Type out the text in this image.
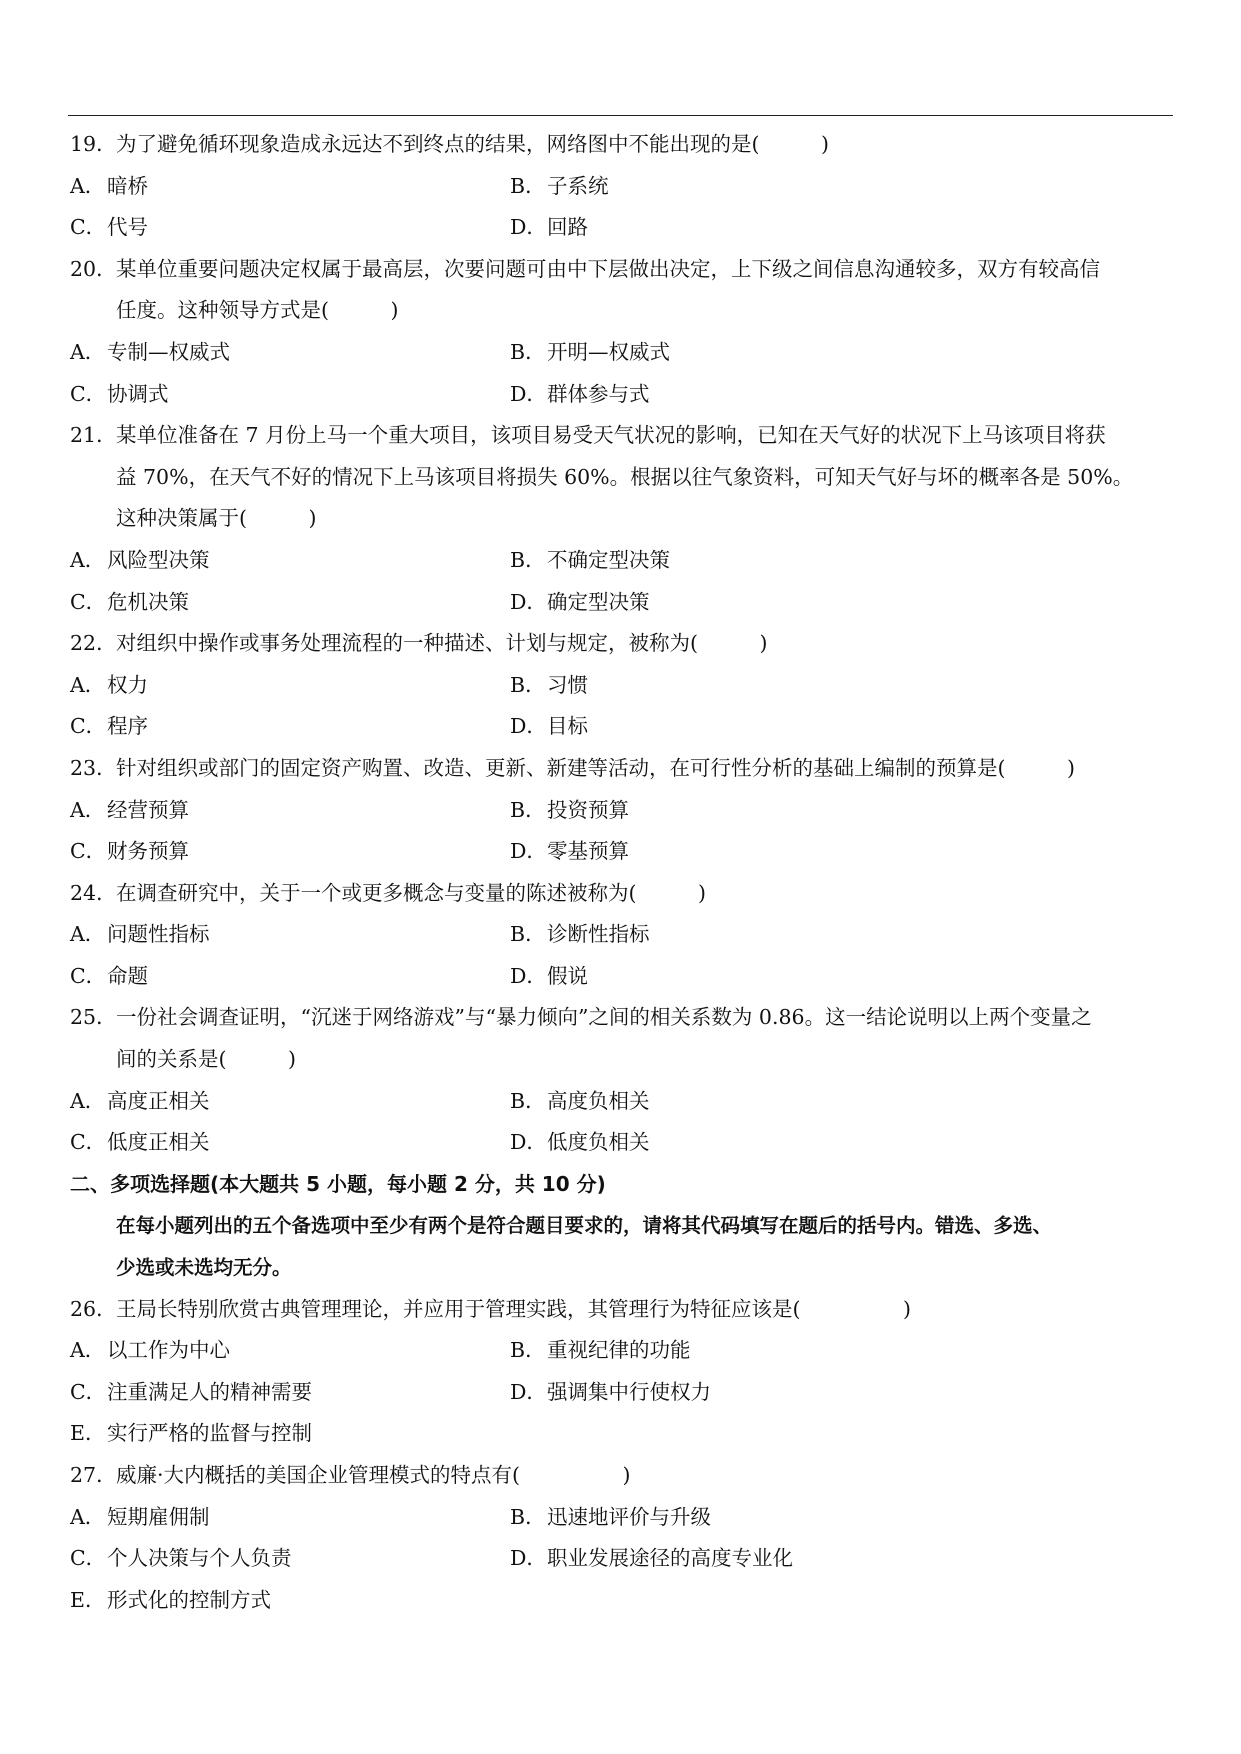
19． 为了避免循环现象造成永远达不到终点的结果，网络图中不能出现的是(　　　)
A． 暗桥	B． 子系统
C． 代号	D． 回路
20． 某单位重要问题决定权属于最高层，次要问题可由中下层做出决定，上下级之间信息沟通较多，双方有较高信
任度。这种领导方式是(　　　)
A． 专制—权威式	B． 开明—权威式
C． 协调式	D． 群体参与式
21． 某单位准备在 7 月份上马一个重大项目，该项目易受天气状况的影响，已知在天气好的状况下上马该项目将获
益 70%，在天气不好的情况下上马该项目将损失 60%。根据以往气象资料，可知天气好与坏的概率各是 50%。
这种决策属于(　　　)
A． 风险型决策	B． 不确定型决策
C． 危机决策	D． 确定型决策
22． 对组织中操作或事务处理流程的一种描述、计划与规定，被称为(　　　)
A． 权力	B． 习惯
C． 程序	D． 目标
23． 针对组织或部门的固定资产购置、改造、更新、新建等活动，在可行性分析的基础上编制的预算是(　　　)
A． 经营预算	B． 投资预算
C． 财务预算	D． 零基预算
24． 在调查研究中，关于一个或更多概念与变量的陈述被称为(　　　)
A． 问题性指标	B． 诊断性指标
C． 命题	D． 假说
25． 一份社会调查证明，“沉迷于网络游戏”与“暴力倾向”之间的相关系数为 0.86。这一结论说明以上两个变量之
间的关系是(　　　)
A． 高度正相关	B． 高度负相关
C． 低度正相关	D． 低度负相关
二、多项选择题(本大题共 5 小题，每小题 2 分，共 10 分)
在每小题列出的五个备选项中至少有两个是符合题目要求的，请将其代码填写在题后的括号内。错选、多选、
少选或未选均无分。
26． 王局长特别欣赏古典管理理论，并应用于管理实践，其管理行为特征应该是(　　　　　)
A． 以工作为中心	B． 重视纪律的功能
C． 注重满足人的精神需要	D． 强调集中行使权力
E． 实行严格的监督与控制
27． 威廉·大内概括的美国企业管理模式的特点有(　　　　　)
A． 短期雇佣制	B． 迅速地评价与升级
C． 个人决策与个人负责	D． 职业发展途径的高度专业化
E． 形式化的控制方式
